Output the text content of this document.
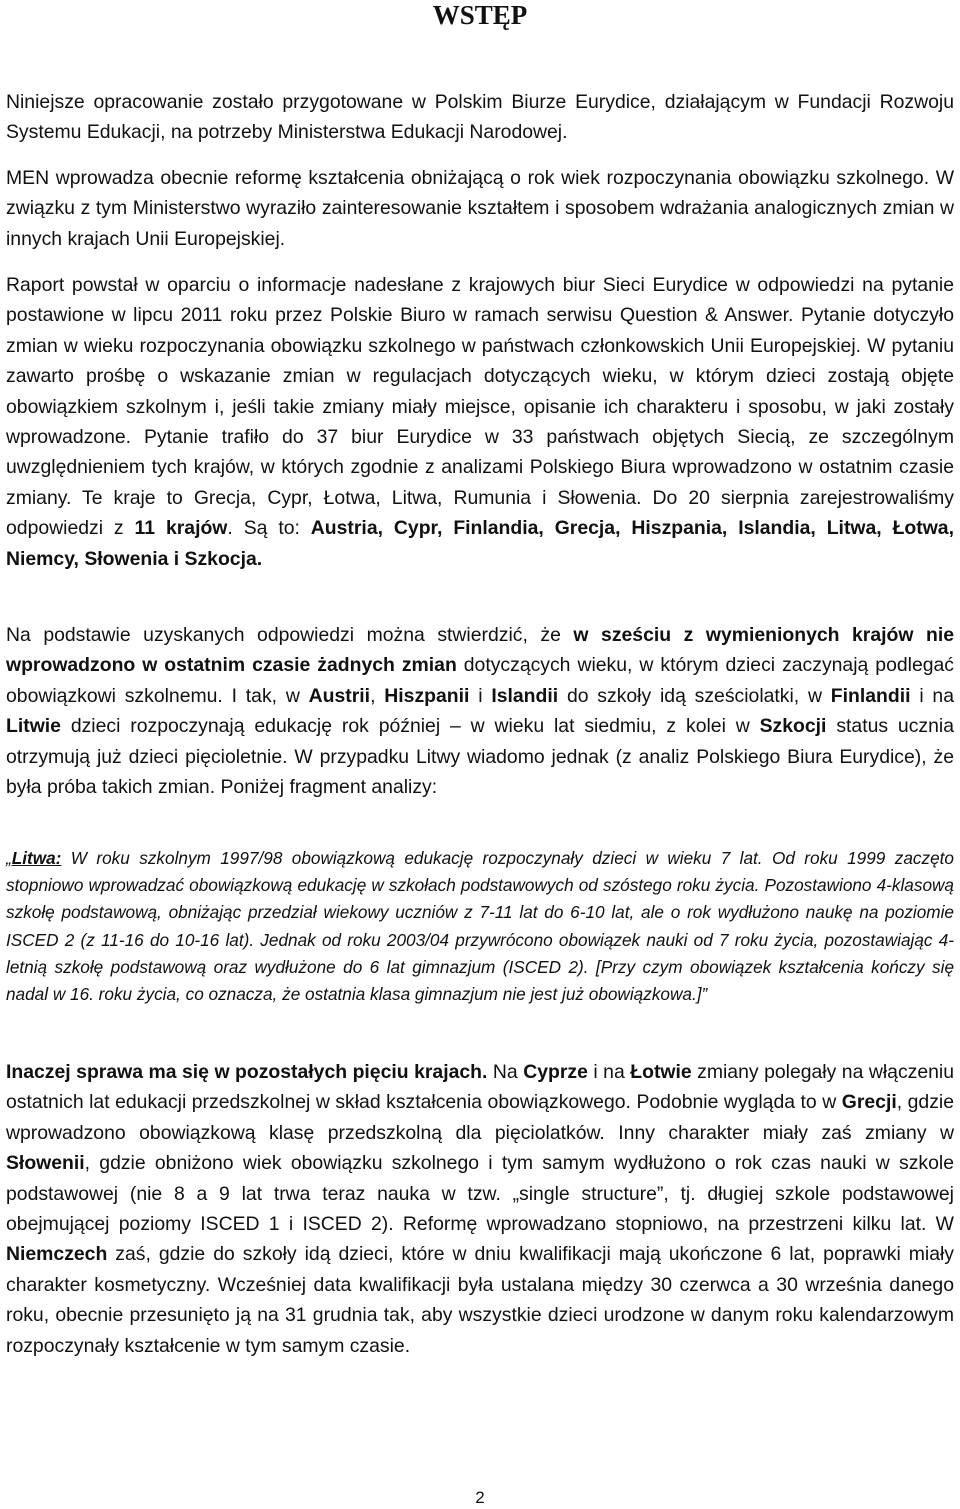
WSTĘP

Niniejsze opracowanie zostało przygotowane w Polskim Biurze Eurydice, działającym w Fundacji Rozwoju Systemu Edukacji, na potrzeby Ministerstwa Edukacji Narodowej.

MEN wprowadza obecnie reformę kształcenia obniżającą o rok wiek rozpoczynania obowiązku szkolnego. W związku z tym Ministerstwo wyraziło zainteresowanie kształtem i sposobem wdrażania analogicznych zmian w innych krajach Unii Europejskiej.

Raport powstał w oparciu o informacje nadesłane z krajowych biur Sieci Eurydice w odpowiedzi na pytanie postawione w lipcu 2011 roku przez Polskie Biuro w ramach serwisu Question & Answer. Pytanie dotyczyło zmian w wieku rozpoczynania obowiązku szkolnego w państwach członkowskich Unii Europejskiej. W pytaniu zawarto prośbę o wskazanie zmian w regulacjach dotyczących wieku, w którym dzieci zostają objęte obowiązkiem szkolnym i, jeśli takie zmiany miały miejsce, opisanie ich charakteru i sposobu, w jaki zostały wprowadzone. Pytanie trafiło do 37 biur Eurydice w 33 państwach objętych Siecią, ze szczególnym uwzględnieniem tych krajów, w których zgodnie z analizami Polskiego Biura wprowadzono w ostatnim czasie zmiany. Te kraje to Grecja, Cypr, Łotwa, Litwa, Rumunia i Słowenia. Do 20 sierpnia zarejestrowaliśmy odpowiedzi z 11 krajów. Są to: Austria, Cypr, Finlandia, Grecja, Hiszpania, Islandia, Litwa, Łotwa, Niemcy, Słowenia i Szkocja.

Na podstawie uzyskanych odpowiedzi można stwierdzić, że w sześciu z wymienionych krajów nie wprowadzono w ostatnim czasie żadnych zmian dotyczących wieku, w którym dzieci zaczynają podlegać obowiązkowi szkolnemu. I tak, w Austrii, Hiszpanii i Islandii do szkoły idą sześciolatki, w Finlandii i na Litwie dzieci rozpoczynają edukację rok później – w wieku lat siedmiu, z kolei w Szkocji status ucznia otrzymują już dzieci pięcioletnie. W przypadku Litwy wiadomo jednak (z analiz Polskiego Biura Eurydice), że była próba takich zmian. Poniżej fragment analizy:

„Litwa: W roku szkolnym 1997/98 obowiązkową edukację rozpoczynały dzieci w wieku 7 lat. Od roku 1999 zaczęto stopniowo wprowadzać obowiązkową edukację w szkołach podstawowych od szóstego roku życia. Pozostawiono 4-klasową szkołę podstawową, obniżając przedział wiekowy uczniów z 7-11 lat do 6-10 lat, ale o rok wydłużono naukę na poziomie ISCED 2 (z 11-16 do 10-16 lat). Jednak od roku 2003/04 przywrócono obowiązek nauki od 7 roku życia, pozostawiając 4-letnią szkołę podstawową oraz wydłużone do 6 lat gimnazjum (ISCED 2). [Przy czym obowiązek kształcenia kończy się nadal w 16. roku życia, co oznacza, że ostatnia klasa gimnazjum nie jest już obowiązkowa.]”

Inaczej sprawa ma się w pozostałych pięciu krajach. Na Cyprze i na Łotwie zmiany polegały na włączeniu ostatnich lat edukacji przedszkolnej w skład kształcenia obowiązkowego. Podobnie wygląda to w Grecji, gdzie wprowadzono obowiązkową klasę przedszkolną dla pięciolatków. Inny charakter miały zaś zmiany w Słowenii, gdzie obniżono wiek obowiązku szkolnego i tym samym wydłużono o rok czas nauki w szkole podstawowej (nie 8 a 9 lat trwa teraz nauka w tzw. „single structure”, tj. długiej szkole podstawowej obejmującej poziomy ISCED 1 i ISCED 2). Reformę wprowadzano stopniowo, na przestrzeni kilku lat. W Niemczech zaś, gdzie do szkoły idą dzieci, które w dniu kwalifikacji mają ukończone 6 lat, poprawki miały charakter kosmetyczny. Wcześniej data kwalifikacji była ustalana między 30 czerwca a 30 września danego roku, obecnie przesunięto ją na 31 grudnia tak, aby wszystkie dzieci urodzone w danym roku kalendarzowym rozpoczynały kształcenie w tym samym czasie.

2
